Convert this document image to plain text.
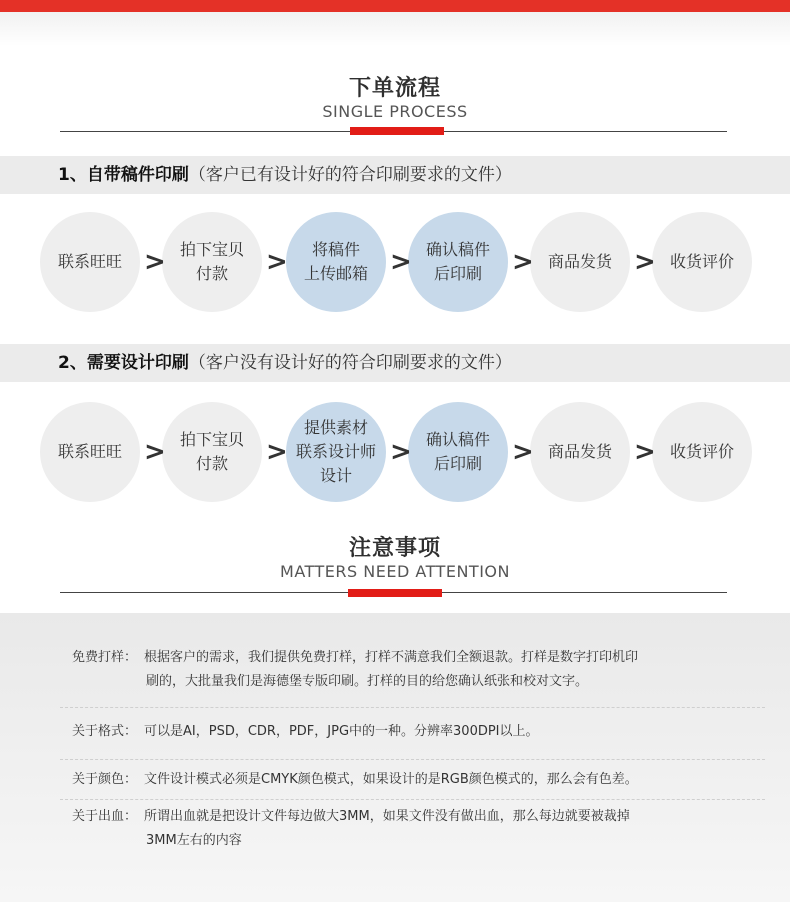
下单流程
SINGLE PROCESS
1、自带稿件印刷（客户已有设计好的符合印刷要求的文件）
联系旺旺
拍下宝贝
付款
将稿件
上传邮箱
确认稿件
后印刷
商品发货	收货评价
>	>	>	>	>
2、需要设计印刷（客户没有设计好的符合印刷要求的文件）
联系旺旺
拍下宝贝
付款
提供素材
联系设计师
设计
确认稿件
后印刷
商品发货	收货评价
>	>	>	>	>
注意事项
MATTERS NEED ATTENTION
免费打样： 根据客户的需求，我们提供免费打样，打样不满意我们全额退款。打样是数字打印机印
刷的，大批量我们是海德堡专版印刷。打样的目的给您确认纸张和校对文字。
关于格式： 可以是AI，PSD，CDR，PDF，JPG中的一种。分辨率300DPI以上。
关于颜色： 文件设计模式必须是CMYK颜色模式，如果设计的是RGB颜色模式的，那么会有色差。
关于出血： 所谓出血就是把设计文件每边做大3MM，如果文件没有做出血，那么每边就要被裁掉
3MM左右的内容
